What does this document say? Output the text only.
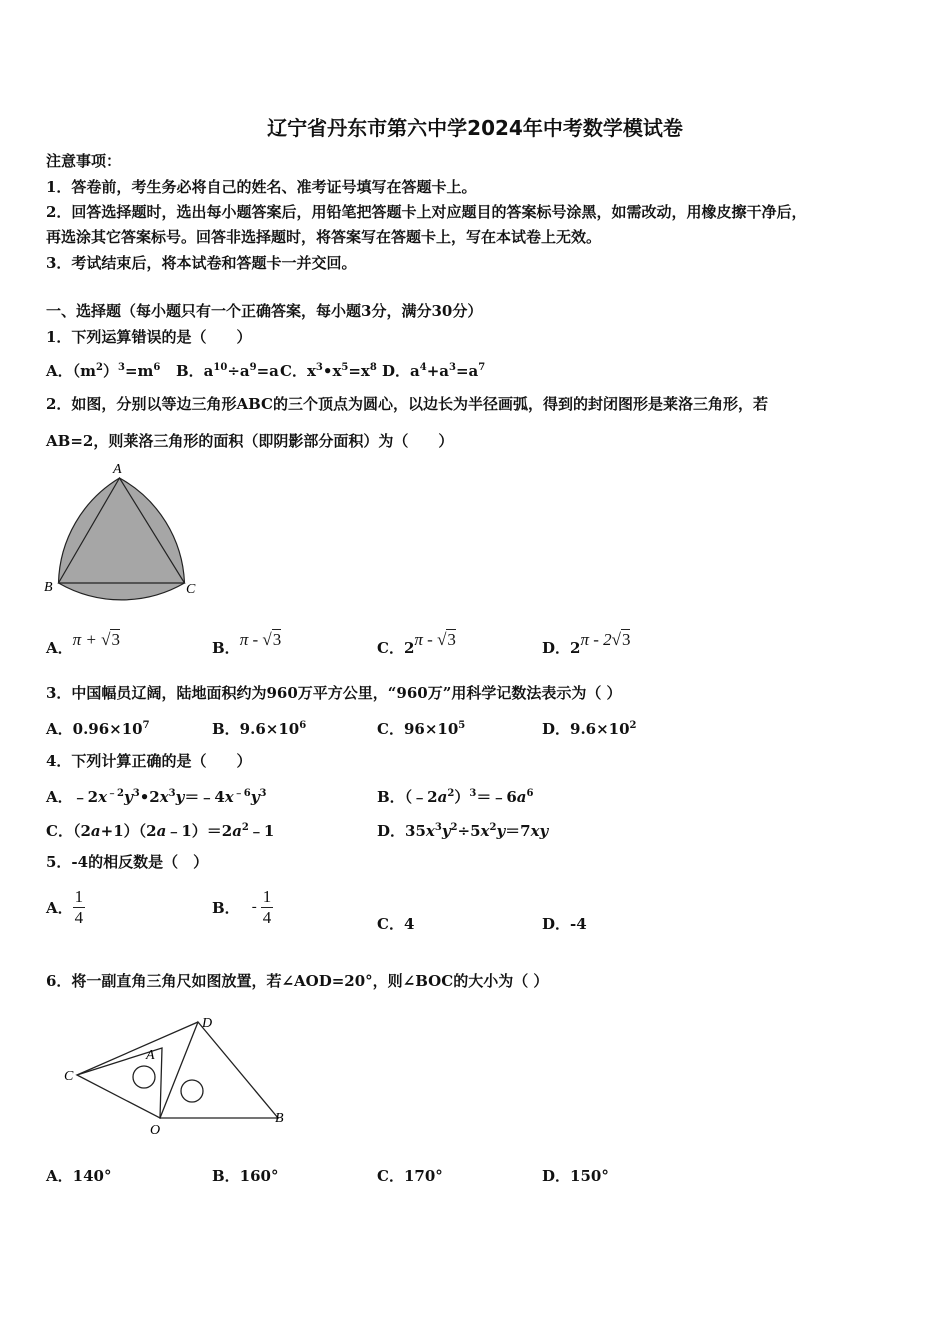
辽宁省丹东市第六中学2024年中考数学模试卷
注意事项：
1．答卷前，考生务必将自己的姓名、准考证号填写在答题卡上。
2．回答选择题时，选出每小题答案后，用铅笔把答题卡上对应题目的答案标号涂黑，如需改动，用橡皮擦干净后，
再选涂其它答案标号。回答非选择题时，将答案写在答题卡上，写在本试卷上无效。
3．考试结束后，将本试卷和答题卡一并交回。
一、选择题（每小题只有一个正确答案，每小题3分，满分30分）
1．下列运算错误的是（　　）
A．$(m^2)^3=m^6$ B．$a^{10}\div a^9=a$ C．$x^3•x^5=x^8$ D．$a^4+a^3=a^7$
2．如图，分别以等边三角形ABC的三个顶点为圆心，以边长为半径画弧，得到的封闭图形是莱洛三角形，若
AB=2，则莱洛三角形的面积（即阴影部分面积）为（　　）
A
B	C
A．π + √3	B．π - √3	C．2π - √3	D．2π - 2√3
3．中国幅员辽阔，陆地面积约为960万平方公里，“960万”用科学记数法表示为（ ）
A．$0.96\times 10^7$	B．$9.6\times 10^6$	C．$96\times 10^5$	D．$9.6\times 10^2$
4．下列计算正确的是（　　）
A．$﹣2x^{﹣2}y^3•2x^3y=﹣4x^{﹣6}y^3$	B．$(﹣2a^2)^3=﹣6a^6$
C．$(2a+1)(2a﹣1)=2a^2﹣1$	D．$35x^3y^2\div 5x^2y=7xy$
5．-4的相反数是（　）
A． $\frac{1}{4}$	B． - $\frac{1}{4}$	C．4	D．-4
6．将一副直角三角尺如图放置，若∠AOD=20°，则∠BOC的大小为（ ）
C
A
D
O
B
A．140°	B．160°	C．170°	D．150°
